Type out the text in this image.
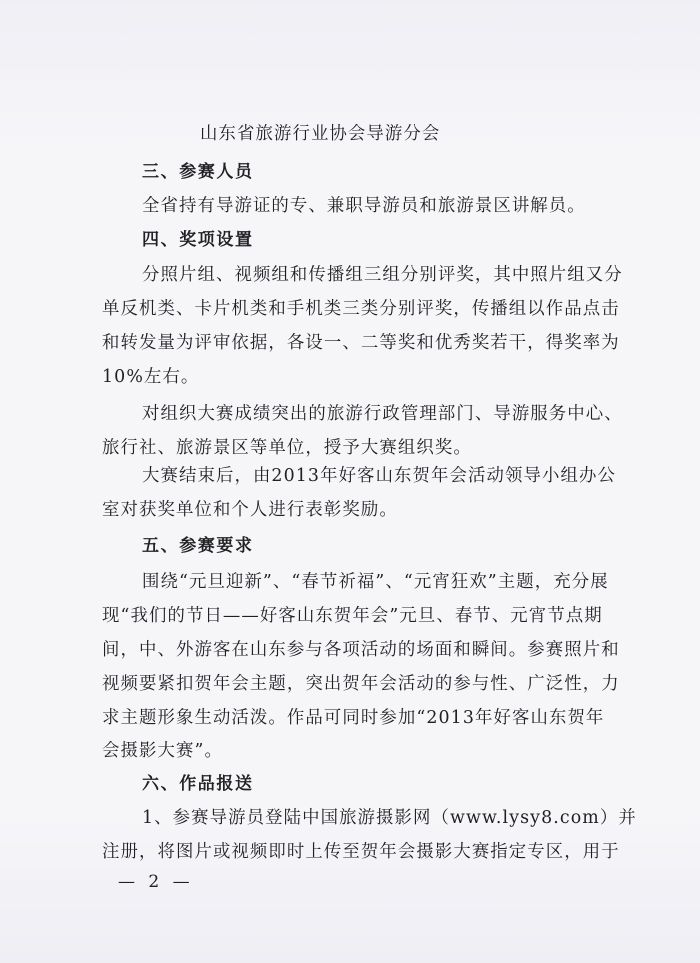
山东省旅游行业协会导游分会
三、参赛人员
全省持有导游证的专、兼职导游员和旅游景区讲解员。
四、奖项设置
分照片组、视频组和传播组三组分别评奖，其中照片组又分
单反机类、卡片机类和手机类三类分别评奖，传播组以作品点击
和转发量为评审依据，各设一、二等奖和优秀奖若干，得奖率为
10%左右。
对组织大赛成绩突出的旅游行政管理部门、导游服务中心、
旅行社、旅游景区等单位，授予大赛组织奖。
大赛结束后，由2013年好客山东贺年会活动领导小组办公
室对获奖单位和个人进行表彰奖励。
五、参赛要求
围绕“元旦迎新”、“春节祈福”、“元宵狂欢”主题，充分展
现“我们的节日——好客山东贺年会”元旦、春节、元宵节点期
间，中、外游客在山东参与各项活动的场面和瞬间。参赛照片和
视频要紧扣贺年会主题，突出贺年会活动的参与性、广泛性，力
求主题形象生动活泼。作品可同时参加“2013年好客山东贺年
会摄影大赛”。
六、作品报送
1、参赛导游员登陆中国旅游摄影网（www.lysy8.com）并
注册，将图片或视频即时上传至贺年会摄影大赛指定专区，用于
— 2 —
